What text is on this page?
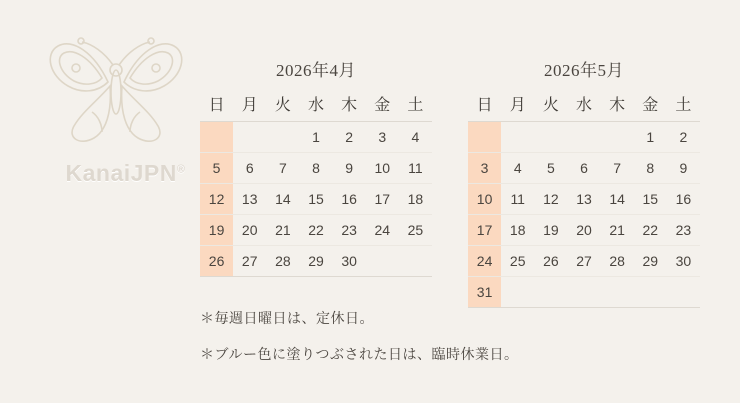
KanaiJPN®
2026年4月
日	月	火	水	木	金	土
			1	2	3	4
5	6	7	8	9	10	11
12	13	14	15	16	17	18
19	20	21	22	23	24	25
26	27	28	29	30		
2026年5月
日	月	火	水	木	金	土
					1	2
3	4	5	6	7	8	9
10	11	12	13	14	15	16
17	18	19	20	21	22	23
24	25	26	27	28	29	30
31						
＊毎週日曜日は、定休日。
＊ブルー色に塗りつぶされた日は、臨時休業日。
